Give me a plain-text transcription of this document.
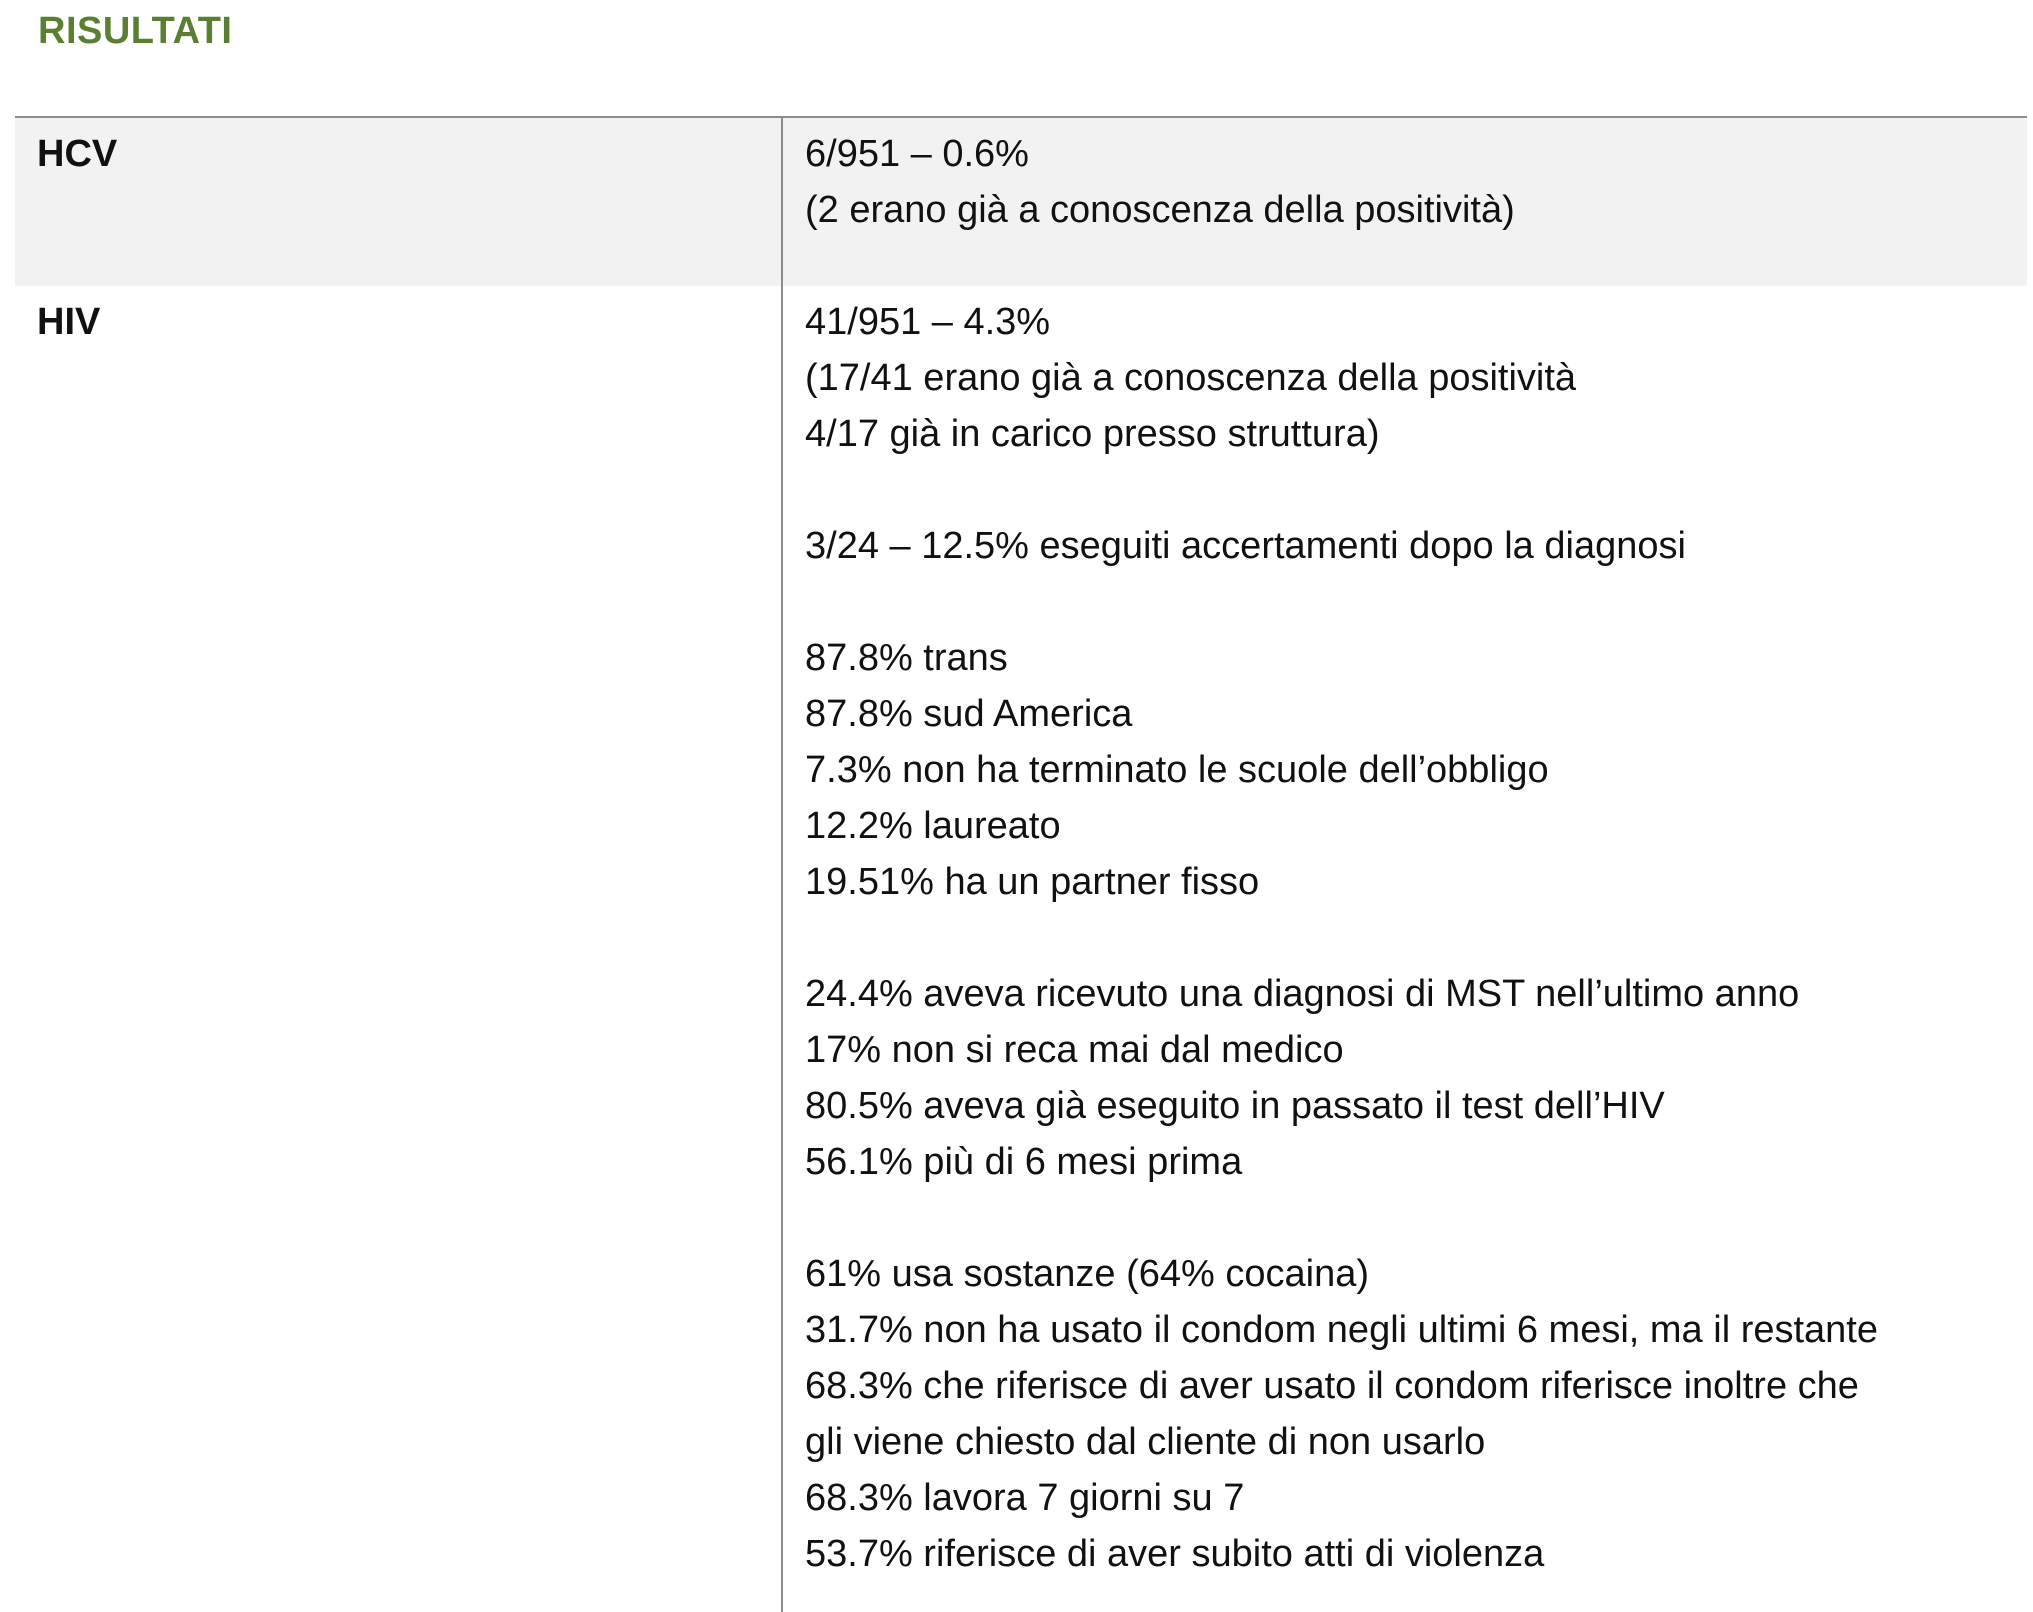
RISULTATI
HCV	6/951 – 0.6%
(2 erano già a conoscenza della positività)
HIV	41/951 – 4.3%
(17/41 erano già a conoscenza della positività
4/17 già in carico presso struttura)
3/24 – 12.5% eseguiti accertamenti dopo la diagnosi
87.8% trans
87.8% sud America
7.3% non ha terminato le scuole dell’obbligo
12.2% laureato
19.51% ha un partner fisso
24.4% aveva ricevuto una diagnosi di MST nell’ultimo anno
17% non si reca mai dal medico
80.5% aveva già eseguito in passato il test dell’HIV
56.1% più di 6 mesi prima
61% usa sostanze (64% cocaina)
31.7% non ha usato il condom negli ultimi 6 mesi, ma il restante
68.3% che riferisce di aver usato il condom riferisce inoltre che
gli viene chiesto dal cliente di non usarlo
68.3% lavora 7 giorni su 7
53.7% riferisce di aver subito atti di violenza
